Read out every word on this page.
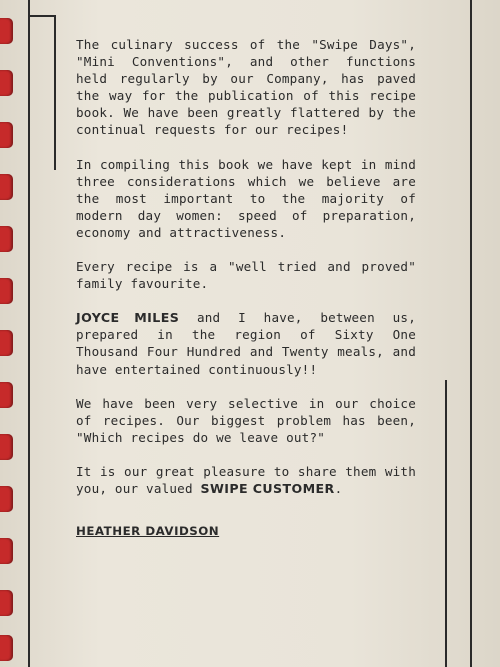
The culinary success of the "Swipe Days", "Mini Conventions", and other functions held regularly by our Company, has paved the way for the publication of this recipe book. We have been greatly flattered by the continual requests for our recipes!

In compiling this book we have kept in mind three considerations which we believe are the most important to the majority of modern day women: speed of preparation, economy and attractiveness.

Every recipe is a "well tried and proved" family favourite.

JOYCE MILES and I have, between us, prepared in the region of Sixty One Thousand Four Hundred and Twenty meals, and have entertained continuously!!

We have been very selective in our choice of recipes. Our biggest problem has been, "Which recipes do we leave out?"

It is our great pleasure to share them with you, our valued SWIPE CUSTOMER.

HEATHER DAVIDSON
